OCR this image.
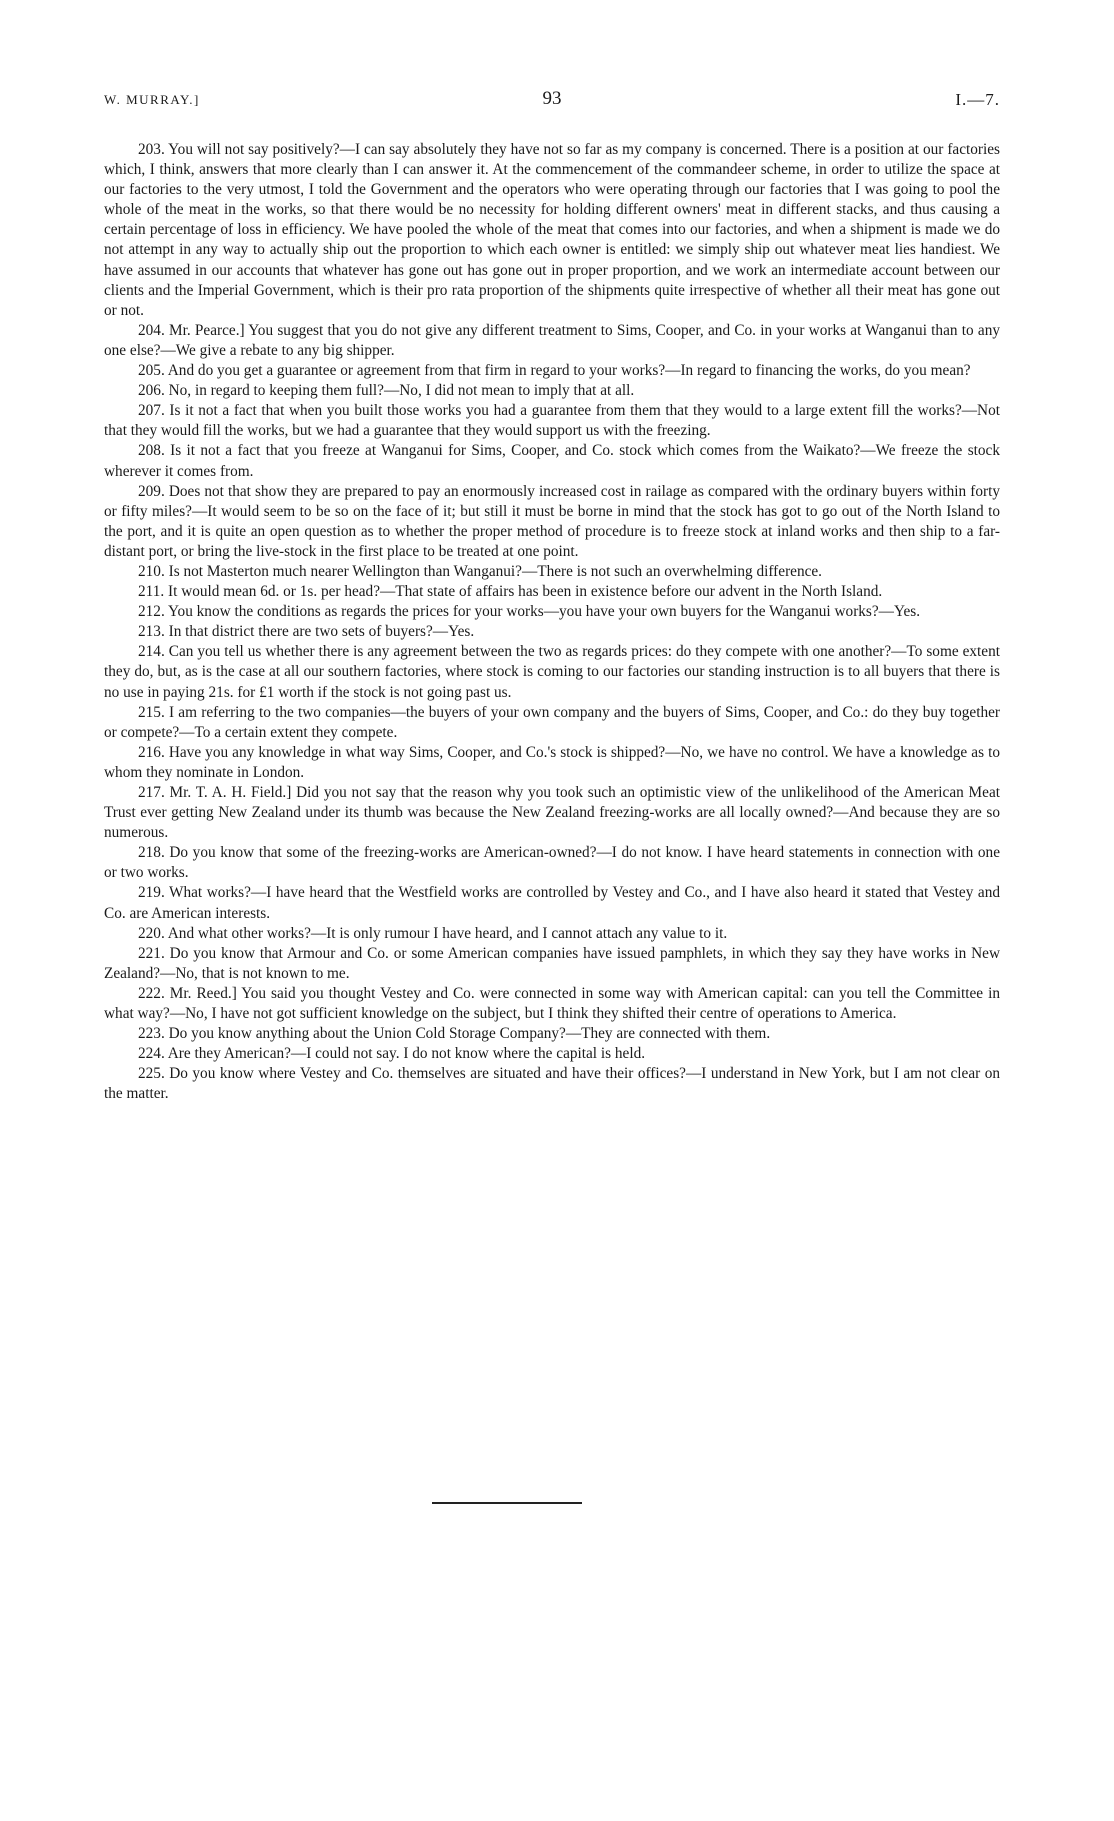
W. MURRAY.]	93	I.—7.

203. You will not say positively?—I can say absolutely they have not so far as my company is concerned. There is a position at our factories which, I think, answers that more clearly than I can answer it. At the commencement of the commandeer scheme, in order to utilize the space at our factories to the very utmost, I told the Government and the operators who were operating through our factories that I was going to pool the whole of the meat in the works, so that there would be no necessity for holding different owners' meat in different stacks, and thus causing a certain percentage of loss in efficiency. We have pooled the whole of the meat that comes into our factories, and when a shipment is made we do not attempt in any way to actually ship out the proportion to which each owner is entitled: we simply ship out whatever meat lies handiest. We have assumed in our accounts that whatever has gone out has gone out in proper proportion, and we work an intermediate account between our clients and the Imperial Government, which is their pro rata proportion of the shipments quite irrespective of whether all their meat has gone out or not.

204. Mr. Pearce.] You suggest that you do not give any different treatment to Sims, Cooper, and Co. in your works at Wanganui than to any one else?—We give a rebate to any big shipper.

205. And do you get a guarantee or agreement from that firm in regard to your works?—In regard to financing the works, do you mean?

206. No, in regard to keeping them full?—No, I did not mean to imply that at all.

207. Is it not a fact that when you built those works you had a guarantee from them that they would to a large extent fill the works?—Not that they would fill the works, but we had a guarantee that they would support us with the freezing.

208. Is it not a fact that you freeze at Wanganui for Sims, Cooper, and Co. stock which comes from the Waikato?—We freeze the stock wherever it comes from.

209. Does not that show they are prepared to pay an enormously increased cost in railage as compared with the ordinary buyers within forty or fifty miles?—It would seem to be so on the face of it; but still it must be borne in mind that the stock has got to go out of the North Island to the port, and it is quite an open question as to whether the proper method of procedure is to freeze stock at inland works and then ship to a far-distant port, or bring the live-stock in the first place to be treated at one point.

210. Is not Masterton much nearer Wellington than Wanganui?—There is not such an overwhelming difference.

211. It would mean 6d. or 1s. per head?—That state of affairs has been in existence before our advent in the North Island.

212. You know the conditions as regards the prices for your works—you have your own buyers for the Wanganui works?—Yes.

213. In that district there are two sets of buyers?—Yes.

214. Can you tell us whether there is any agreement between the two as regards prices: do they compete with one another?—To some extent they do, but, as is the case at all our southern factories, where stock is coming to our factories our standing instruction is to all buyers that there is no use in paying 21s. for £1 worth if the stock is not going past us.

215. I am referring to the two companies—the buyers of your own company and the buyers of Sims, Cooper, and Co.: do they buy together or compete?—To a certain extent they compete.

216. Have you any knowledge in what way Sims, Cooper, and Co.'s stock is shipped?—No, we have no control. We have a knowledge as to whom they nominate in London.

217. Mr. T. A. H. Field.] Did you not say that the reason why you took such an optimistic view of the unlikelihood of the American Meat Trust ever getting New Zealand under its thumb was because the New Zealand freezing-works are all locally owned?—And because they are so numerous.

218. Do you know that some of the freezing-works are American-owned?—I do not know. I have heard statements in connection with one or two works.

219. What works?—I have heard that the Westfield works are controlled by Vestey and Co., and I have also heard it stated that Vestey and Co. are American interests.

220. And what other works?—It is only rumour I have heard, and I cannot attach any value to it.

221. Do you know that Armour and Co. or some American companies have issued pamphlets, in which they say they have works in New Zealand?—No, that is not known to me.

222. Mr. Reed.] You said you thought Vestey and Co. were connected in some way with American capital: can you tell the Committee in what way?—No, I have not got sufficient knowledge on the subject, but I think they shifted their centre of operations to America.

223. Do you know anything about the Union Cold Storage Company?—They are connected with them.

224. Are they American?—I could not say. I do not know where the capital is held.

225. Do you know where Vestey and Co. themselves are situated and have their offices?—I understand in New York, but I am not clear on the matter.
